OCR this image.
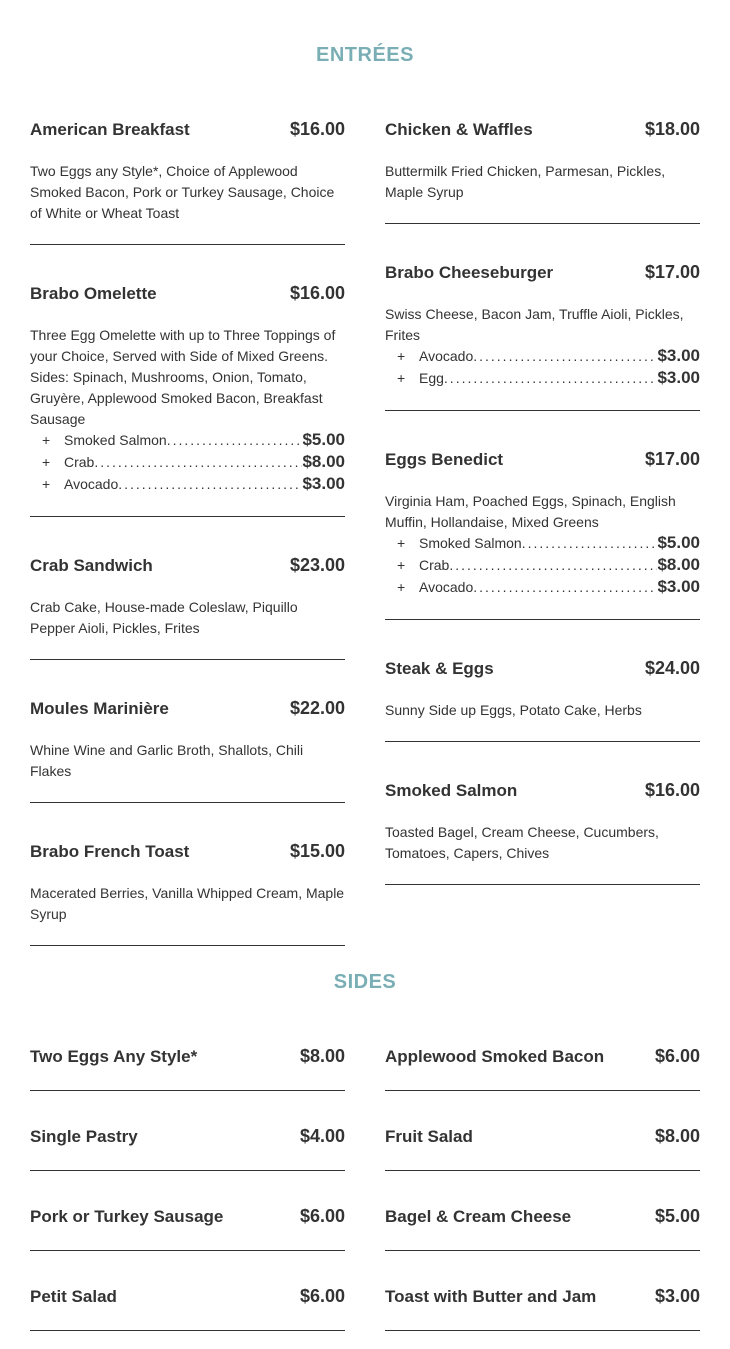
ENTRÉES
American Breakfast	$16.00

Two Eggs any Style*, Choice of Applewood Smoked Bacon, Pork or Turkey Sausage, Choice of White or Wheat Toast

Brabo Omelette	$16.00

Three Egg Omelette with up to Three Toppings of your Choice, Served with Side of Mixed Greens. Sides: Spinach, Mushrooms, Onion, Tomato, Gruyère, Applewood Smoked Bacon, Breakfast Sausage

+ Smoked Salmon .....	$5.00
+ Crab .....	$8.00
+ Avocado .....	$3.00
Crab Sandwich	$23.00

Crab Cake, House-made Coleslaw, Piquillo Pepper Aioli, Pickles, Frites

Moules Marinière	$22.00

Whine Wine and Garlic Broth, Shallots, Chili Flakes

Brabo French Toast	$15.00

Macerated Berries, Vanilla Whipped Cream, Maple Syrup

Chicken & Waffles	$18.00

Buttermilk Fried Chicken, Parmesan, Pickles, Maple Syrup

Brabo Cheeseburger	$17.00

Swiss Cheese, Bacon Jam, Truffle Aioli, Pickles, Frites

+ Avocado .....	$3.00
+ Egg .....	$3.00
Eggs Benedict	$17.00

Virginia Ham, Poached Eggs, Spinach, English Muffin, Hollandaise, Mixed Greens

+ Smoked Salmon .....	$5.00
+ Crab .....	$8.00
+ Avocado .....	$3.00
Steak & Eggs	$24.00

Sunny Side up Eggs, Potato Cake, Herbs

Smoked Salmon	$16.00

Toasted Bagel, Cream Cheese, Cucumbers, Tomatoes, Capers, Chives

SIDES
Two Eggs Any Style*	$8.00
Single Pastry	$4.00
Pork or Turkey Sausage	$6.00
Petit Salad	$6.00
Applewood Smoked Bacon	$6.00
Fruit Salad	$8.00
Bagel & Cream Cheese	$5.00
Toast with Butter and Jam	$3.00
